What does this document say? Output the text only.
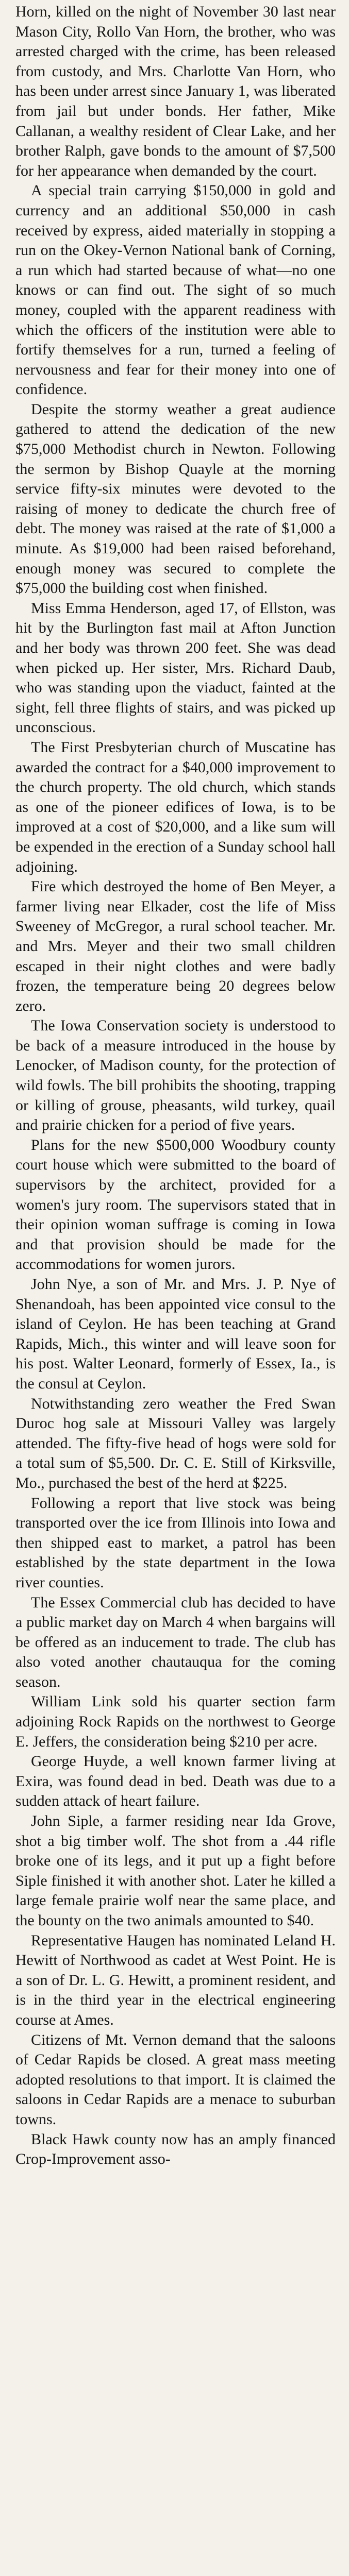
Horn, killed on the night of November 30 last near Mason City, Rollo Van Horn, the brother, who was arrested charged with the crime, has been released from custody, and Mrs. Charlotte Van Horn, who has been under arrest since January 1, was liberated from jail but under bonds. Her father, Mike Callanan, a wealthy resident of Clear Lake, and her brother Ralph, gave bonds to the amount of $7,500 for her appearance when demanded by the court.

A special train carrying $150,000 in gold and currency and an additional $50,000 in cash received by express, aided materially in stopping a run on the Okey-Vernon National bank of Corning, a run which had started because of what—no one knows or can find out. The sight of so much money, coupled with the apparent readiness with which the officers of the institution were able to fortify themselves for a run, turned a feeling of nervousness and fear for their money into one of confidence.

Despite the stormy weather a great audience gathered to attend the dedication of the new $75,000 Methodist church in Newton. Following the sermon by Bishop Quayle at the morning service fifty-six minutes were devoted to the raising of money to dedicate the church free of debt. The money was raised at the rate of $1,000 a minute. As $19,000 had been raised beforehand, enough money was secured to complete the $75,000 the building cost when finished.

Miss Emma Henderson, aged 17, of Ellston, was hit by the Burlington fast mail at Afton Junction and her body was thrown 200 feet. She was dead when picked up. Her sister, Mrs. Richard Daub, who was standing upon the viaduct, fainted at the sight, fell three flights of stairs, and was picked up unconscious.

The First Presbyterian church of Muscatine has awarded the contract for a $40,000 improvement to the church property. The old church, which stands as one of the pioneer edifices of Iowa, is to be improved at a cost of $20,000, and a like sum will be expended in the erection of a Sunday school hall adjoining.

Fire which destroyed the home of Ben Meyer, a farmer living near Elkader, cost the life of Miss Sweeney of McGregor, a rural school teacher. Mr. and Mrs. Meyer and their two small children escaped in their night clothes and were badly frozen, the temperature being 20 degrees below zero.

The Iowa Conservation society is understood to be back of a measure introduced in the house by Lenocker, of Madison county, for the protection of wild fowls. The bill prohibits the shooting, trapping or killing of grouse, pheasants, wild turkey, quail and prairie chicken for a period of five years.

Plans for the new $500,000 Woodbury county court house which were submitted to the board of supervisors by the architect, provided for a women's jury room. The supervisors stated that in their opinion woman suffrage is coming in Iowa and that provision should be made for the accommodations for women jurors.

John Nye, a son of Mr. and Mrs. J. P. Nye of Shenandoah, has been appointed vice consul to the island of Ceylon. He has been teaching at Grand Rapids, Mich., this winter and will leave soon for his post. Walter Leonard, formerly of Essex, Ia., is the consul at Ceylon.

Notwithstanding zero weather the Fred Swan Duroc hog sale at Missouri Valley was largely attended. The fifty-five head of hogs were sold for a total sum of $5,500. Dr. C. E. Still of Kirksville, Mo., purchased the best of the herd at $225.

Following a report that live stock was being transported over the ice from Illinois into Iowa and then shipped east to market, a patrol has been established by the state department in the Iowa river counties.

The Essex Commercial club has decided to have a public market day on March 4 when bargains will be offered as an inducement to trade. The club has also voted another chautauqua for the coming season.

William Link sold his quarter section farm adjoining Rock Rapids on the northwest to George E. Jeffers, the consideration being $210 per acre.

George Huyde, a well known farmer living at Exira, was found dead in bed. Death was due to a sudden attack of heart failure.

John Siple, a farmer residing near Ida Grove, shot a big timber wolf. The shot from a .44 rifle broke one of its legs, and it put up a fight before Siple finished it with another shot. Later he killed a large female prairie wolf near the same place, and the bounty on the two animals amounted to $40.

Representative Haugen has nominated Leland H. Hewitt of Northwood as cadet at West Point. He is a son of Dr. L. G. Hewitt, a prominent resident, and is in the third year in the electrical engineering course at Ames.

Citizens of Mt. Vernon demand that the saloons of Cedar Rapids be closed. A great mass meeting adopted resolutions to that import. It is claimed the saloons in Cedar Rapids are a menace to suburban towns.

Black Hawk county now has an amply financed Crop-Improvement asso-
